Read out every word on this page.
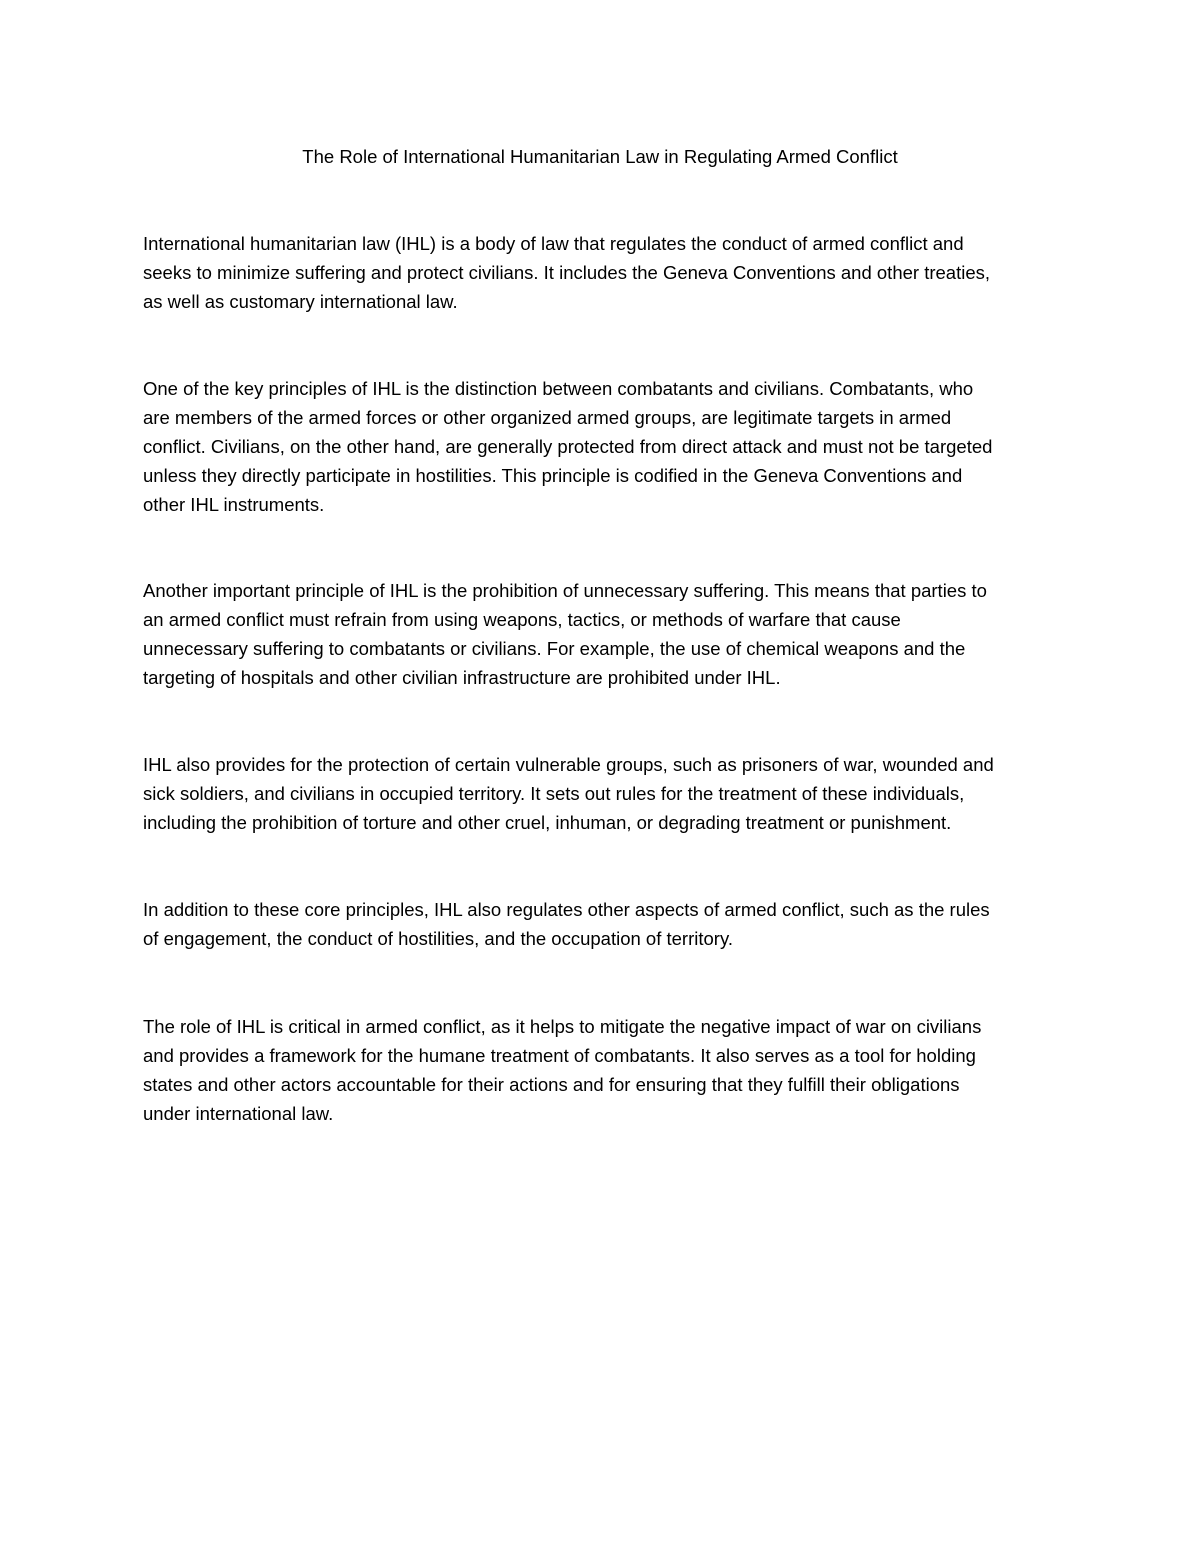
The Role of International Humanitarian Law in Regulating Armed Conflict
International humanitarian law (IHL) is a body of law that regulates the conduct of armed conflict and
seeks to minimize suffering and protect civilians. It includes the Geneva Conventions and other treaties,
as well as customary international law.
One of the key principles of IHL is the distinction between combatants and civilians. Combatants, who
are members of the armed forces or other organized armed groups, are legitimate targets in armed
conflict. Civilians, on the other hand, are generally protected from direct attack and must not be targeted
unless they directly participate in hostilities. This principle is codified in the Geneva Conventions and
other IHL instruments.
Another important principle of IHL is the prohibition of unnecessary suffering. This means that parties to
an armed conflict must refrain from using weapons, tactics, or methods of warfare that cause
unnecessary suffering to combatants or civilians. For example, the use of chemical weapons and the
targeting of hospitals and other civilian infrastructure are prohibited under IHL.
IHL also provides for the protection of certain vulnerable groups, such as prisoners of war, wounded and
sick soldiers, and civilians in occupied territory. It sets out rules for the treatment of these individuals,
including the prohibition of torture and other cruel, inhuman, or degrading treatment or punishment.
In addition to these core principles, IHL also regulates other aspects of armed conflict, such as the rules
of engagement, the conduct of hostilities, and the occupation of territory.
The role of IHL is critical in armed conflict, as it helps to mitigate the negative impact of war on civilians
and provides a framework for the humane treatment of combatants. It also serves as a tool for holding
states and other actors accountable for their actions and for ensuring that they fulfill their obligations
under international law.
